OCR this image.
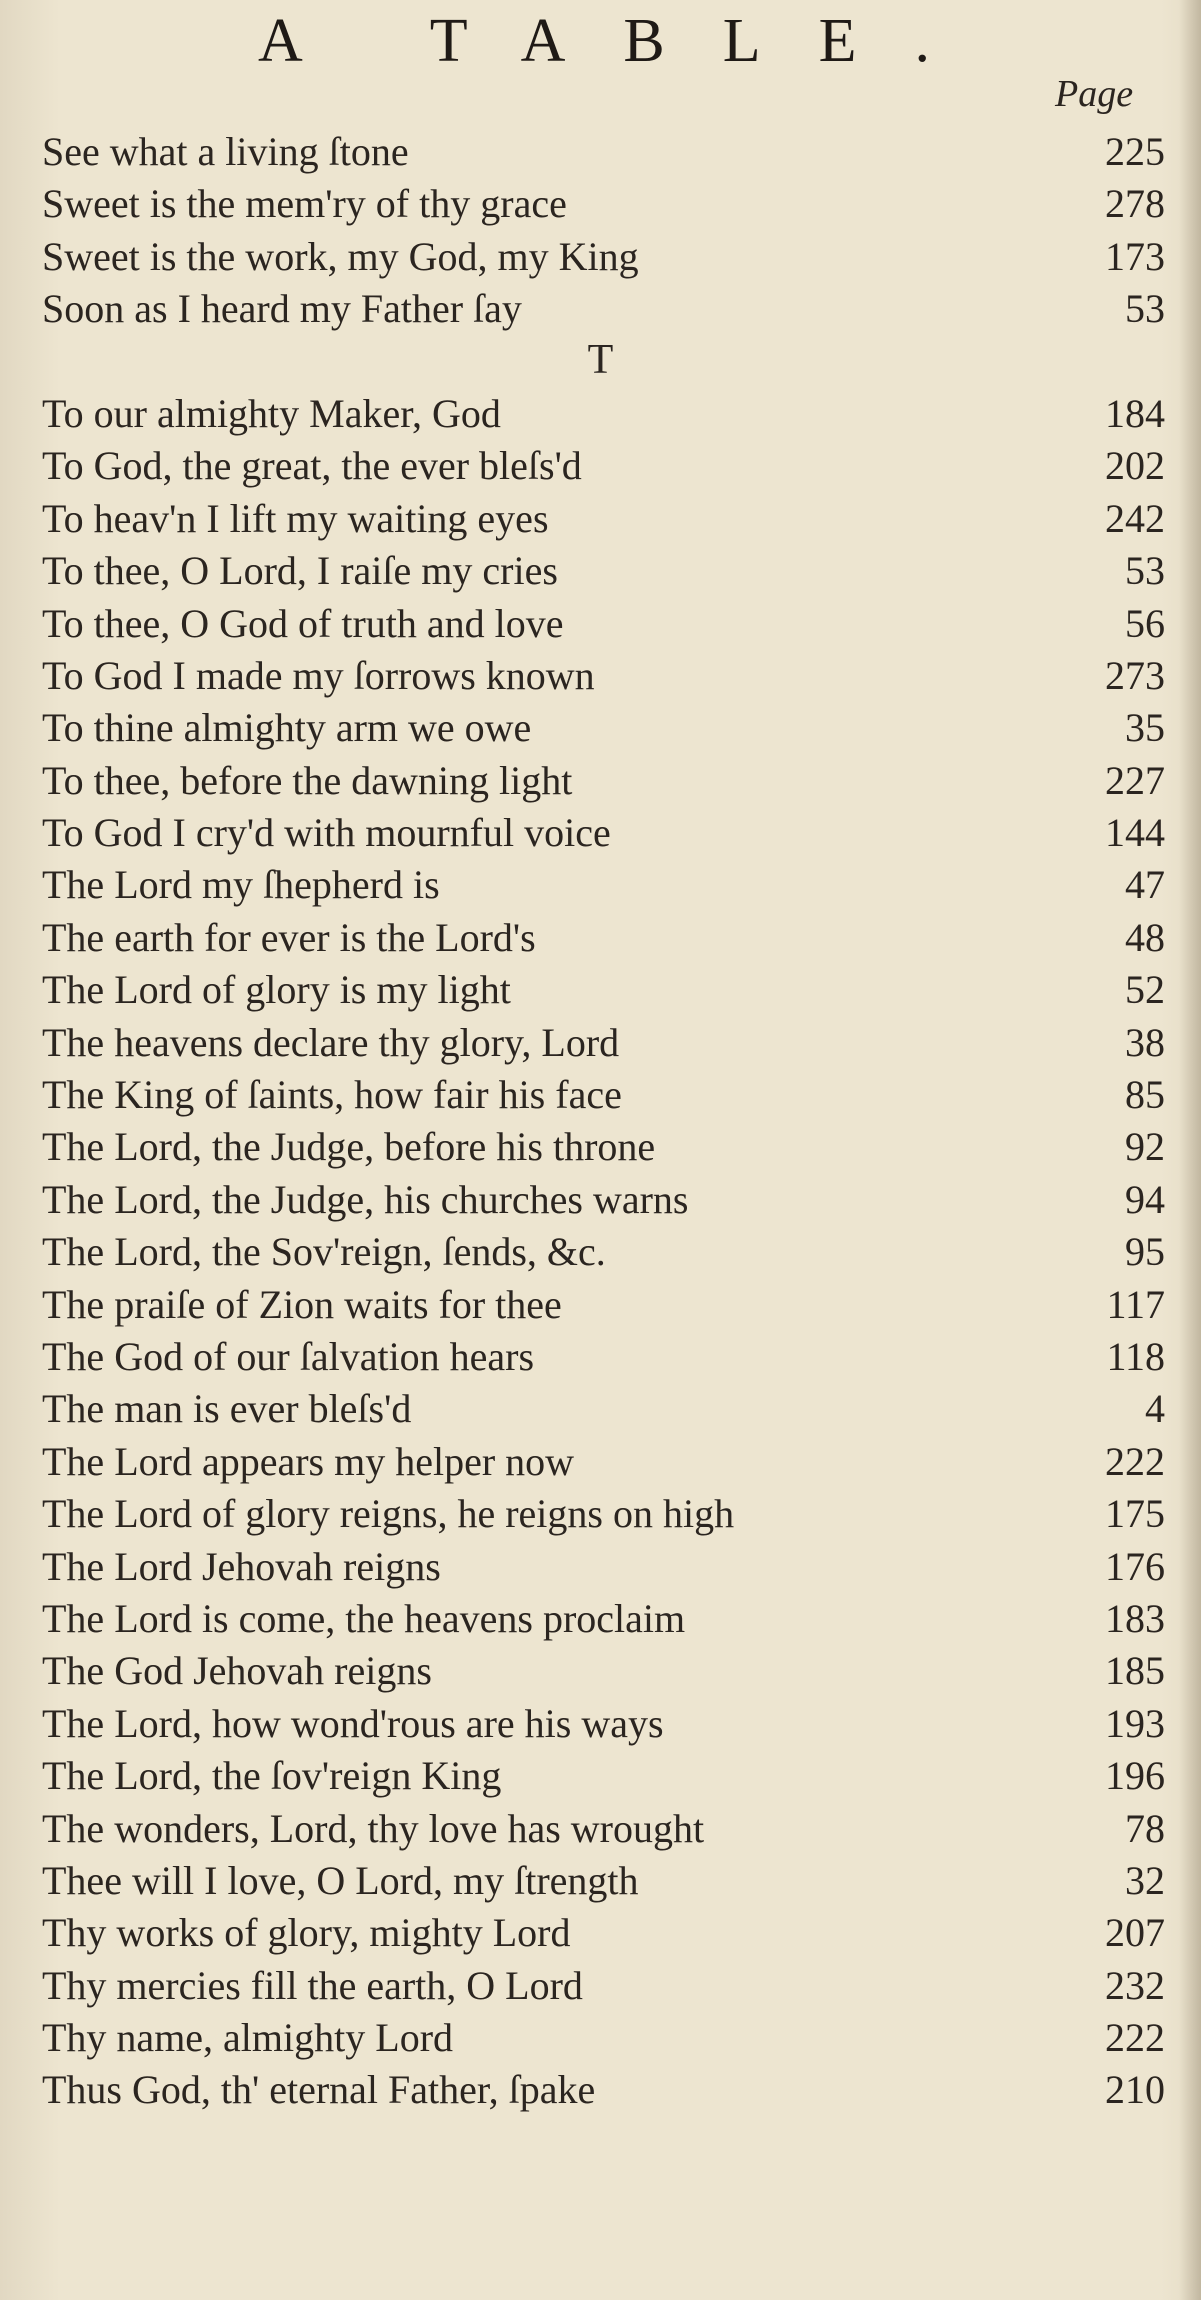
A TABLE.
Page
See what a living ſtone	225
Sweet is the mem'ry of thy grace	278
Sweet is the work, my God, my King	173
Soon as I heard my Father ſay	53
T
To our almighty Maker, God	184
To God, the great, the ever bleſs'd	202
To heav'n I lift my waiting eyes	242
To thee, O Lord, I raiſe my cries	53
To thee, O God of truth and love	56
To God I made my ſorrows known	273
To thine almighty arm we owe	35
To thee, before the dawning light	227
To God I cry'd with mournful voice	144
The Lord my ſhepherd is	47
The earth for ever is the Lord's	48
The Lord of glory is my light	52
The heavens declare thy glory, Lord	38
The King of ſaints, how fair his face	85
The Lord, the Judge, before his throne	92
The Lord, the Judge, his churches warns	94
The Lord, the Sov'reign, ſends, &c.	95
The praiſe of Zion waits for thee	117
The God of our ſalvation hears	118
The man is ever bleſs'd	4
The Lord appears my helper now	222
The Lord of glory reigns, he reigns on high	175
The Lord Jehovah reigns	176
The Lord is come, the heavens proclaim	183
The God Jehovah reigns	185
The Lord, how wond'rous are his ways	193
The Lord, the ſov'reign King	196
The wonders, Lord, thy love has wrought	78
Thee will I love, O Lord, my ſtrength	32
Thy works of glory, mighty Lord	207
Thy mercies fill the earth, O Lord	232
Thy name, almighty Lord	222
Thus God, th' eternal Father, ſpake	210
